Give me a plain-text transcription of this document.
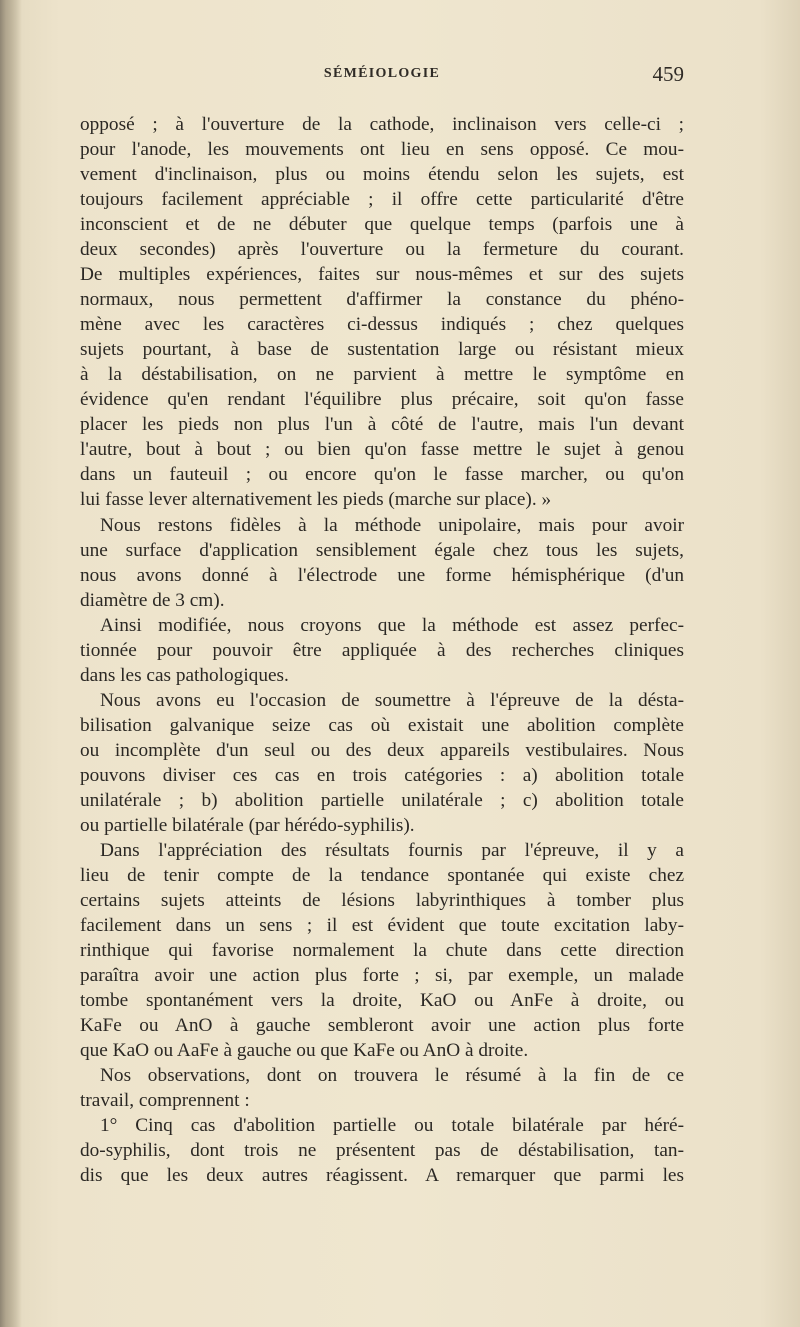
SÉMÉIOLOGIE	459
opposé ; à l'ouverture de la cathode, inclinaison vers celle-ci ;
pour l'anode, les mouvements ont lieu en sens opposé. Ce mou-
vement d'inclinaison, plus ou moins étendu selon les sujets, est
toujours facilement appréciable ; il offre cette particularité d'être
inconscient et de ne débuter que quelque temps (parfois une à
deux secondes) après l'ouverture ou la fermeture du courant.
De multiples expériences, faites sur nous-mêmes et sur des sujets
normaux, nous permettent d'affirmer la constance du phéno-
mène avec les caractères ci-dessus indiqués ; chez quelques
sujets pourtant, à base de sustentation large ou résistant mieux
à la déstabilisation, on ne parvient à mettre le symptôme en
évidence qu'en rendant l'équilibre plus précaire, soit qu'on fasse
placer les pieds non plus l'un à côté de l'autre, mais l'un devant
l'autre, bout à bout ; ou bien qu'on fasse mettre le sujet à genou
dans un fauteuil ; ou encore qu'on le fasse marcher, ou qu'on
lui fasse lever alternativement les pieds (marche sur place). »
Nous restons fidèles à la méthode unipolaire, mais pour avoir
une surface d'application sensiblement égale chez tous les sujets,
nous avons donné à l'électrode une forme hémisphérique (d'un
diamètre de 3 cm).
Ainsi modifiée, nous croyons que la méthode est assez perfec-
tionnée pour pouvoir être appliquée à des recherches cliniques
dans les cas pathologiques.
Nous avons eu l'occasion de soumettre à l'épreuve de la désta-
bilisation galvanique seize cas où existait une abolition complète
ou incomplète d'un seul ou des deux appareils vestibulaires. Nous
pouvons diviser ces cas en trois catégories : a) abolition totale
unilatérale ; b) abolition partielle unilatérale ; c) abolition totale
ou partielle bilatérale (par hérédo-syphilis).
Dans l'appréciation des résultats fournis par l'épreuve, il y a
lieu de tenir compte de la tendance spontanée qui existe chez
certains sujets atteints de lésions labyrinthiques à tomber plus
facilement dans un sens ; il est évident que toute excitation laby-
rinthique qui favorise normalement la chute dans cette direction
paraîtra avoir une action plus forte ; si, par exemple, un malade
tombe spontanément vers la droite, KaO ou AnFe à droite, ou
KaFe ou AnO à gauche sembleront avoir une action plus forte
que KaO ou AaFe à gauche ou que KaFe ou AnO à droite.
Nos observations, dont on trouvera le résumé à la fin de ce
travail, comprennent :
1° Cinq cas d'abolition partielle ou totale bilatérale par héré-
do-syphilis, dont trois ne présentent pas de déstabilisation, tan-
dis que les deux autres réagissent. A remarquer que parmi les
